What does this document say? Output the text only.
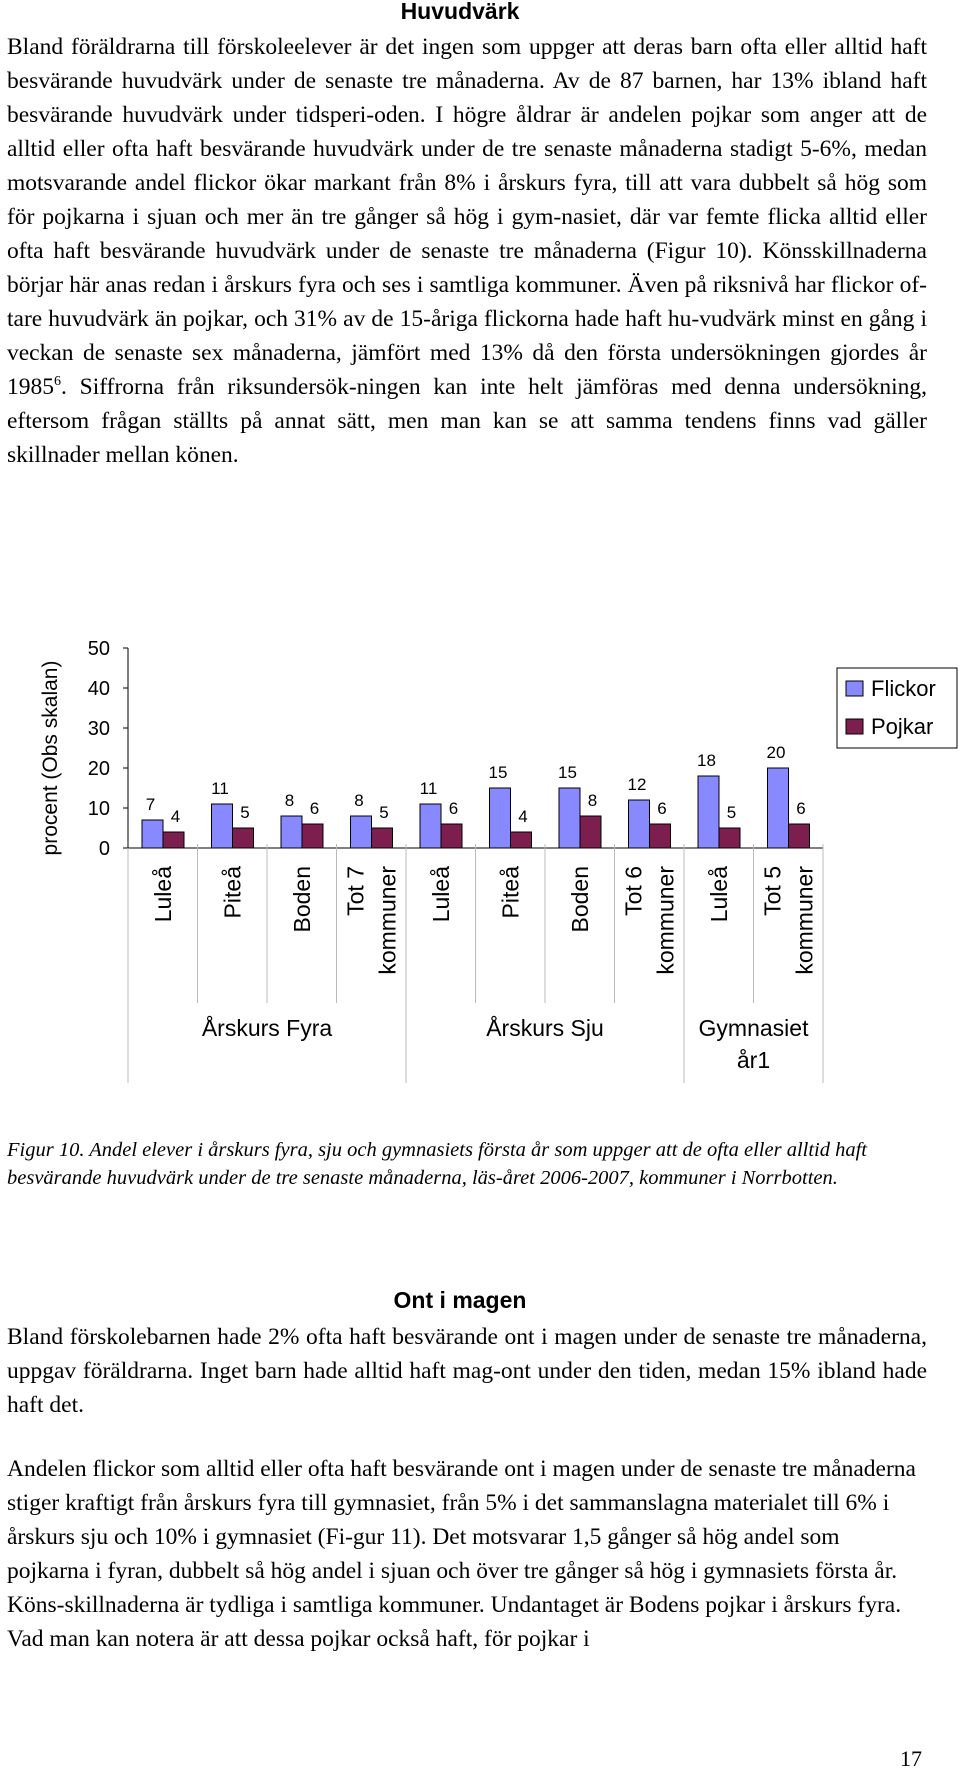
Huvudvärk

Bland föräldrarna till förskoleelever är det ingen som uppger att deras barn ofta eller alltid haft besvärande huvudvärk under de senaste tre månaderna. Av de 87 barnen, har 13% ibland haft besvärande huvudvärk under tidsperi-oden. I högre åldrar är andelen pojkar som anger att de alltid eller ofta haft besvärande huvudvärk under de tre senaste månaderna stadigt 5-6%, medan motsvarande andel flickor ökar markant från 8% i årskurs fyra, till att vara dubbelt så hög som för pojkarna i sjuan och mer än tre gånger så hög i gym-nasiet, där var femte flicka alltid eller ofta haft besvärande huvudvärk under de senaste tre månaderna (Figur 10). Könsskillnaderna börjar här anas redan i årskurs fyra och ses i samtliga kommuner. Även på riksnivå har flickor of-tare huvudvärk än pojkar, och 31% av de 15-åriga flickorna hade haft hu-vudvärk minst en gång i veckan de senaste sex månaderna, jämfört med 13% då den första undersökningen gjordes år 1985$^6$. Siffrorna från riksundersök-ningen kan inte helt jämföras med denna undersökning, eftersom frågan ställts på annat sätt, men man kan se att samma tendens finns vad gäller skillnader mellan könen.

procent (Obs skalan) 0
10
20
30
40
50
7
4
Luleå
11
5
Piteå
8 6
Boden
8
5
Tot 7 kommuner
11
6
Luleå
15
4
Piteå
15
8
Boden
12
6
Tot 6 kommuner
18
5
Luleå
20
6
Tot 5 kommuner
Årskurs Fyra	Årskurs Sju	Gymnasiet
år1
Flickor
Pojkar

Figur 10. Andel elever i årskurs fyra, sju och gymnasiets första år som uppger att de ofta eller alltid haft besvärande huvudvärk under de tre senaste månaderna, läs-året 2006-2007, kommuner i Norrbotten.

Ont i magen

Bland förskolebarnen hade 2% ofta haft besvärande ont i magen under de senaste tre månaderna, uppgav föräldrarna. Inget barn hade alltid haft mag-ont under den tiden, medan 15% ibland hade haft det.

Andelen flickor som alltid eller ofta haft besvärande ont i magen under de senaste tre månaderna stiger kraftigt från årskurs fyra till gymnasiet, från 5% i det sammanslagna materialet till 6% i årskurs sju och 10% i gymnasiet (Fi-gur 11). Det motsvarar 1,5 gånger så hög andel som pojkarna i fyran, dubbelt så hög andel i sjuan och över tre gånger så hög i gymnasiets första år. Köns-skillnaderna är tydliga i samtliga kommuner. Undantaget är Bodens pojkar i årskurs fyra. Vad man kan notera är att dessa pojkar också haft, för pojkar i

17
